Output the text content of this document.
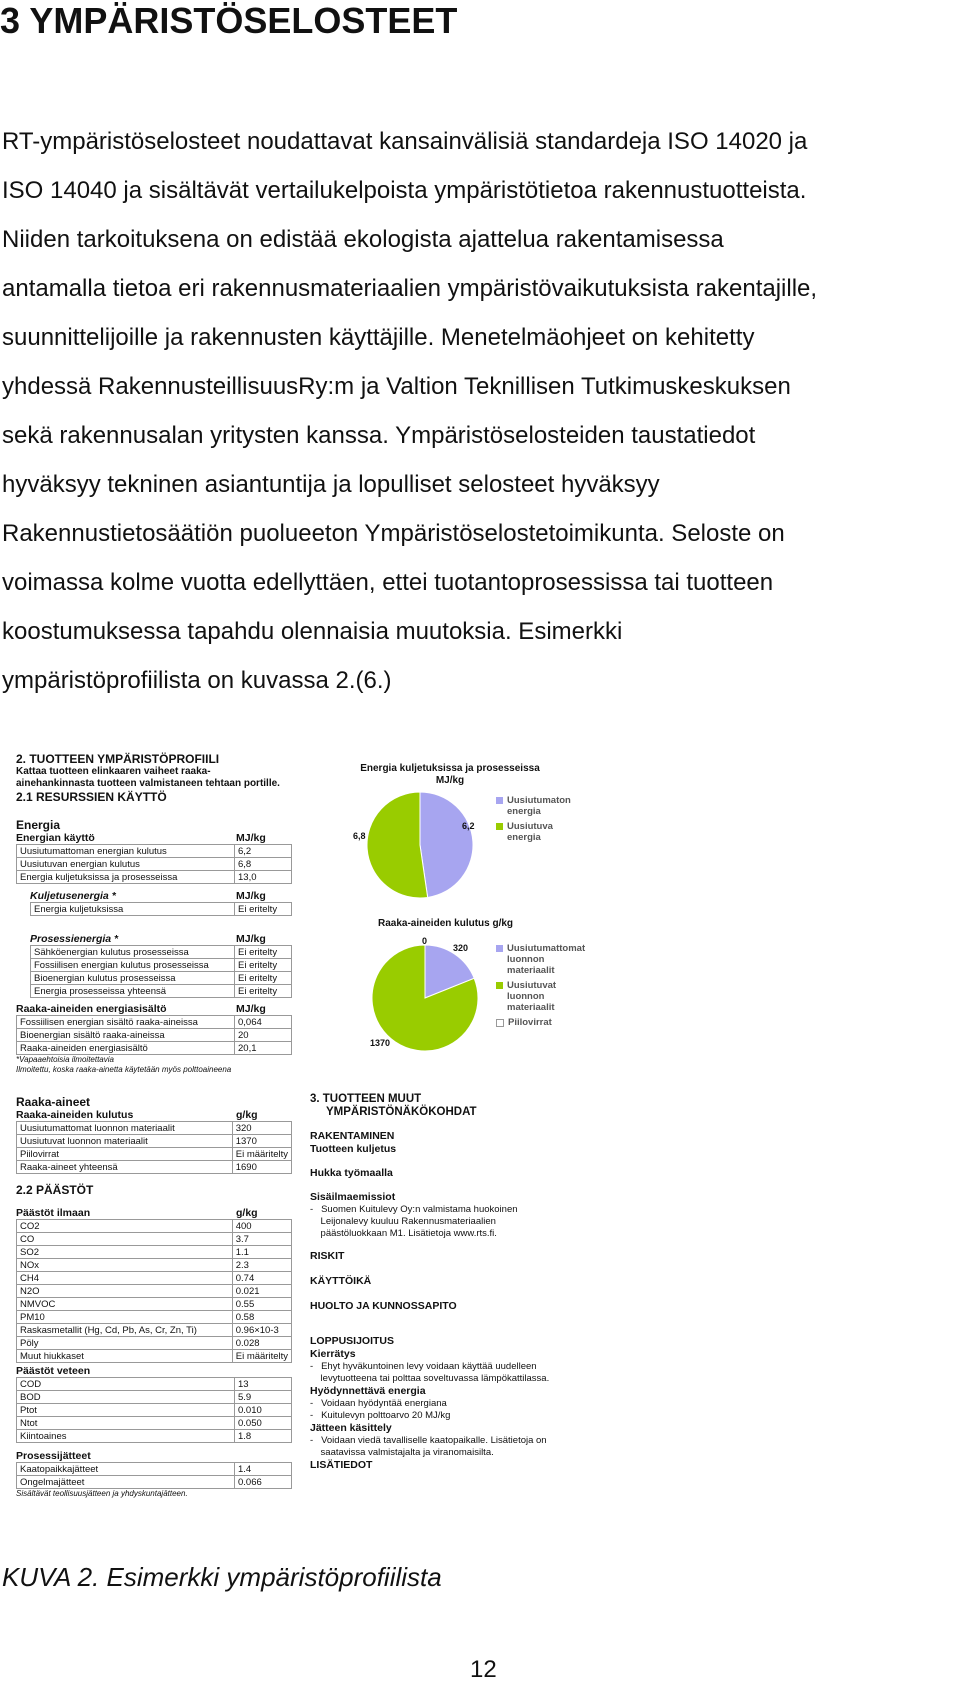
3 YMPÄRISTÖSELOSTEET

RT-ympäristöselosteet noudattavat kansainvälisiä standardeja ISO 14020 ja
ISO 14040 ja sisältävät vertailukelpoista ympäristötietoa rakennustuotteista.
Niiden tarkoituksena on edistää ekologista ajattelua rakentamisessa
antamalla tietoa eri rakennusmateriaalien ympäristövaikutuksista rakentajille,
suunnittelijoille ja rakennusten käyttäjille. Menetelmäohjeet on kehitetty
yhdessä RakennusteillisuusRy:m ja Valtion Teknillisen Tutkimuskeskuksen
sekä rakennusalan yritysten kanssa. Ympäristöselosteiden taustatiedot
hyväksyy tekninen asiantuntija ja lopulliset selosteet hyväksyy
Rakennustietosäätiön puolueeton Ympäristöselostetoimikunta. Seloste on
voimassa kolme vuotta edellyttäen, ettei tuotantoprosessissa tai tuotteen
koostumuksessa tapahdu olennaisia muutoksia. Esimerkki
ympäristöprofiilista on kuvassa 2.(6.)

2. TUOTTEEN YMPÄRISTÖPROFIILI
Kattaa tuotteen elinkaaren vaiheet raaka-
ainehankinnasta tuotteen valmistaneen tehtaan portille.
2.1 RESURSSIEN KÄYTTÖ
Energia
Energian käyttö	MJ/kg
Uusiutumattoman energian kulutus	6,2
Uusiutuvan energian kulutus	6,8
Energia kuljetuksissa ja prosesseissa	13,0
Kuljetusenergia *	MJ/kg
Energia kuljetuksissa	Ei eritelty
Prosessienergia *	MJ/kg
Sähköenergian kulutus prosesseissa	Ei eritelty
Fossiilisen energian kulutus prosesseissa	Ei eritelty
Bioenergian kulutus prosesseissa	Ei eritelty
Energia prosesseissa yhteensä	Ei eritelty
Raaka-aineiden energiasisältö	MJ/kg
Fossiilisen energian sisältö raaka-aineissa	0,064
Bioenergian sisältö raaka-aineissa	20
Raaka-aineiden energiasisältö	20,1
*Vapaaehtoisia ilmoitettavia
Ilmoitettu, koska raaka-ainetta käytetään myös polttoaineena
Raaka-aineet
Raaka-aineiden kulutus	g/kg
Uusiutumattomat luonnon materiaalit	320
Uusiutuvat luonnon materiaalit	1370
Piilovirrat	Ei määritelty
Raaka-aineet yhteensä	1690
2.2 PÄÄSTÖT
Päästöt ilmaan	g/kg
CO2	400
CO	3.7
SO2	1.1
NOx	2.3
CH4	0.74
N2O	0.021
NMVOC	0.55
PM10	0.58
Raskasmetallit (Hg, Cd, Pb, As, Cr, Zn, Ti)	0.96×10-3
Pöly	0.028
Muut hiukkaset	Ei määritelty
Päästöt veteen
COD	13
BOD	5.9
Ptot	0.010
Ntot	0.050
Kiintoaines	1.8
Prosessijätteet
Kaatopaikkajätteet	1.4
Ongelmajätteet	0.066
Sisältävät teollisuusjätteen ja yhdyskuntajätteen.
Energia kuljetuksissa ja prosesseissa
MJ/kg
6,8
6,2
Uusiutumaton energia
Uusiutuva energia
Raaka-aineiden kulutus g/kg
0
320
1370
Uusiutumattomat luonnon materiaalit
Uusiutuvat luonnon materiaalit
Piilovirrat
3. TUOTTEEN MUUT
YMPÄRISTÖNÄKÖKOHDAT
RAKENTAMINEN
Tuotteen kuljetus
Hukka työmaalla
Sisäilmaemissiot
-   Suomen Kuitulevy Oy:n valmistama huokoinen
Leijonalevy kuuluu Rakennusmateriaalien
päästöluokkaan M1. Lisätietoja www.rts.fi.
RISKIT
KÄYTTÖIKÄ
HUOLTO JA KUNNOSSAPITO
LOPPUSIJOITUS
Kierrätys
-   Ehyt hyväkuntoinen levy voidaan käyttää uudelleen
levytuotteena tai polttaa soveltuvassa lämpökattilassa.
Hyödynnettävä energia
-   Voidaan hyödyntää energiana
-   Kuitulevyn polttoarvo 20 MJ/kg
Jätteen käsittely
-   Voidaan viedä tavalliselle kaatopaikalle. Lisätietoja on
saatavissa valmistajalta ja viranomaisilta.
LISÄTIEDOT

KUVA 2. Esimerkki ympäristöprofiilista

12
